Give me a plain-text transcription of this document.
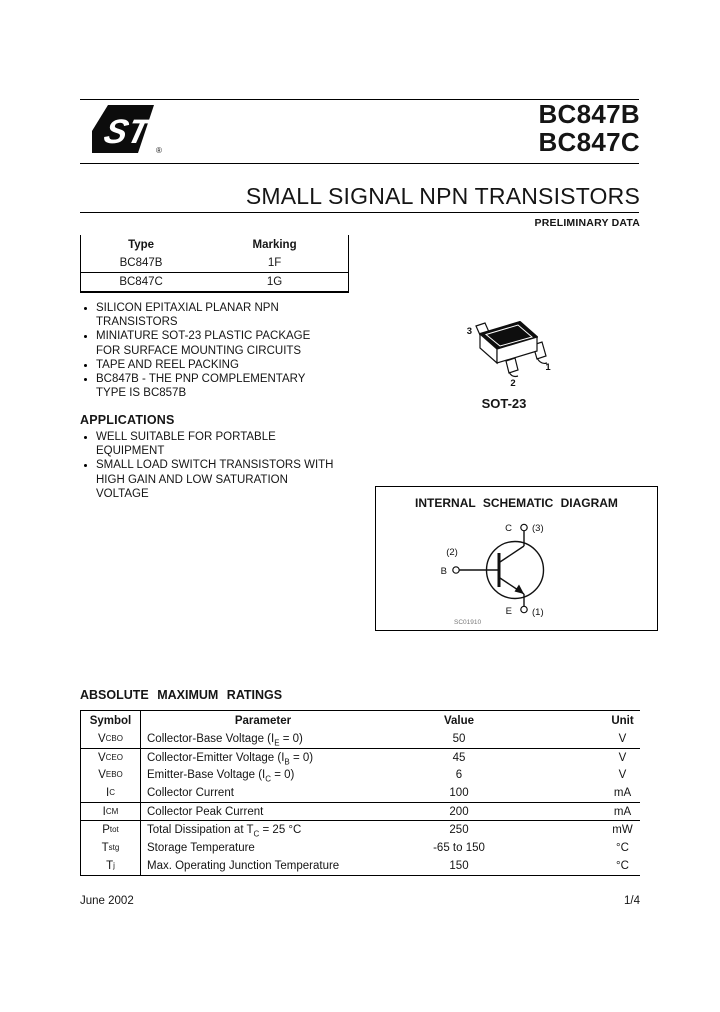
ST ®
BC847B
BC847C
SMALL SIGNAL NPN TRANSISTORS
PRELIMINARY DATA
Type	Marking
BC847B	1F
BC847C	1G
SILICON EPITAXIAL PLANAR NPN TRANSISTORS
MINIATURE SOT-23 PLASTIC PACKAGE FOR SURFACE MOUNTING CIRCUITS
TAPE AND REEL PACKING
BC847B - THE PNP COMPLEMENTARY TYPE IS BC857B
APPLICATIONS
WELL SUITABLE FOR PORTABLE EQUIPMENT
SMALL LOAD SWITCH TRANSISTORS WITH HIGH GAIN AND LOW SATURATION VOLTAGE
3
1
2
SOT-23
INTERNAL SCHEMATIC DIAGRAM
B
(2)
C (3)
E (1)
SC01910
ABSOLUTE MAXIMUM RATINGS
Symbol	Parameter	Value	Unit
V CBO	Collector-Base Voltage $(I_E = 0)$	50	V
V CEO	Collector-Emitter Voltage $(I_B = 0)$	45	V
V EBO	Emitter-Base Voltage $(I_C = 0)$	6	V
I C	Collector Current	100	mA
I CM	Collector Peak Current	200	mA
P tot	Total Dissipation at $T_C = 25$ °C	250	mW
T stg	Storage Temperature	-65 to 150	°C
T j	Max. Operating Junction Temperature	150	°C
June 2002	1/4
